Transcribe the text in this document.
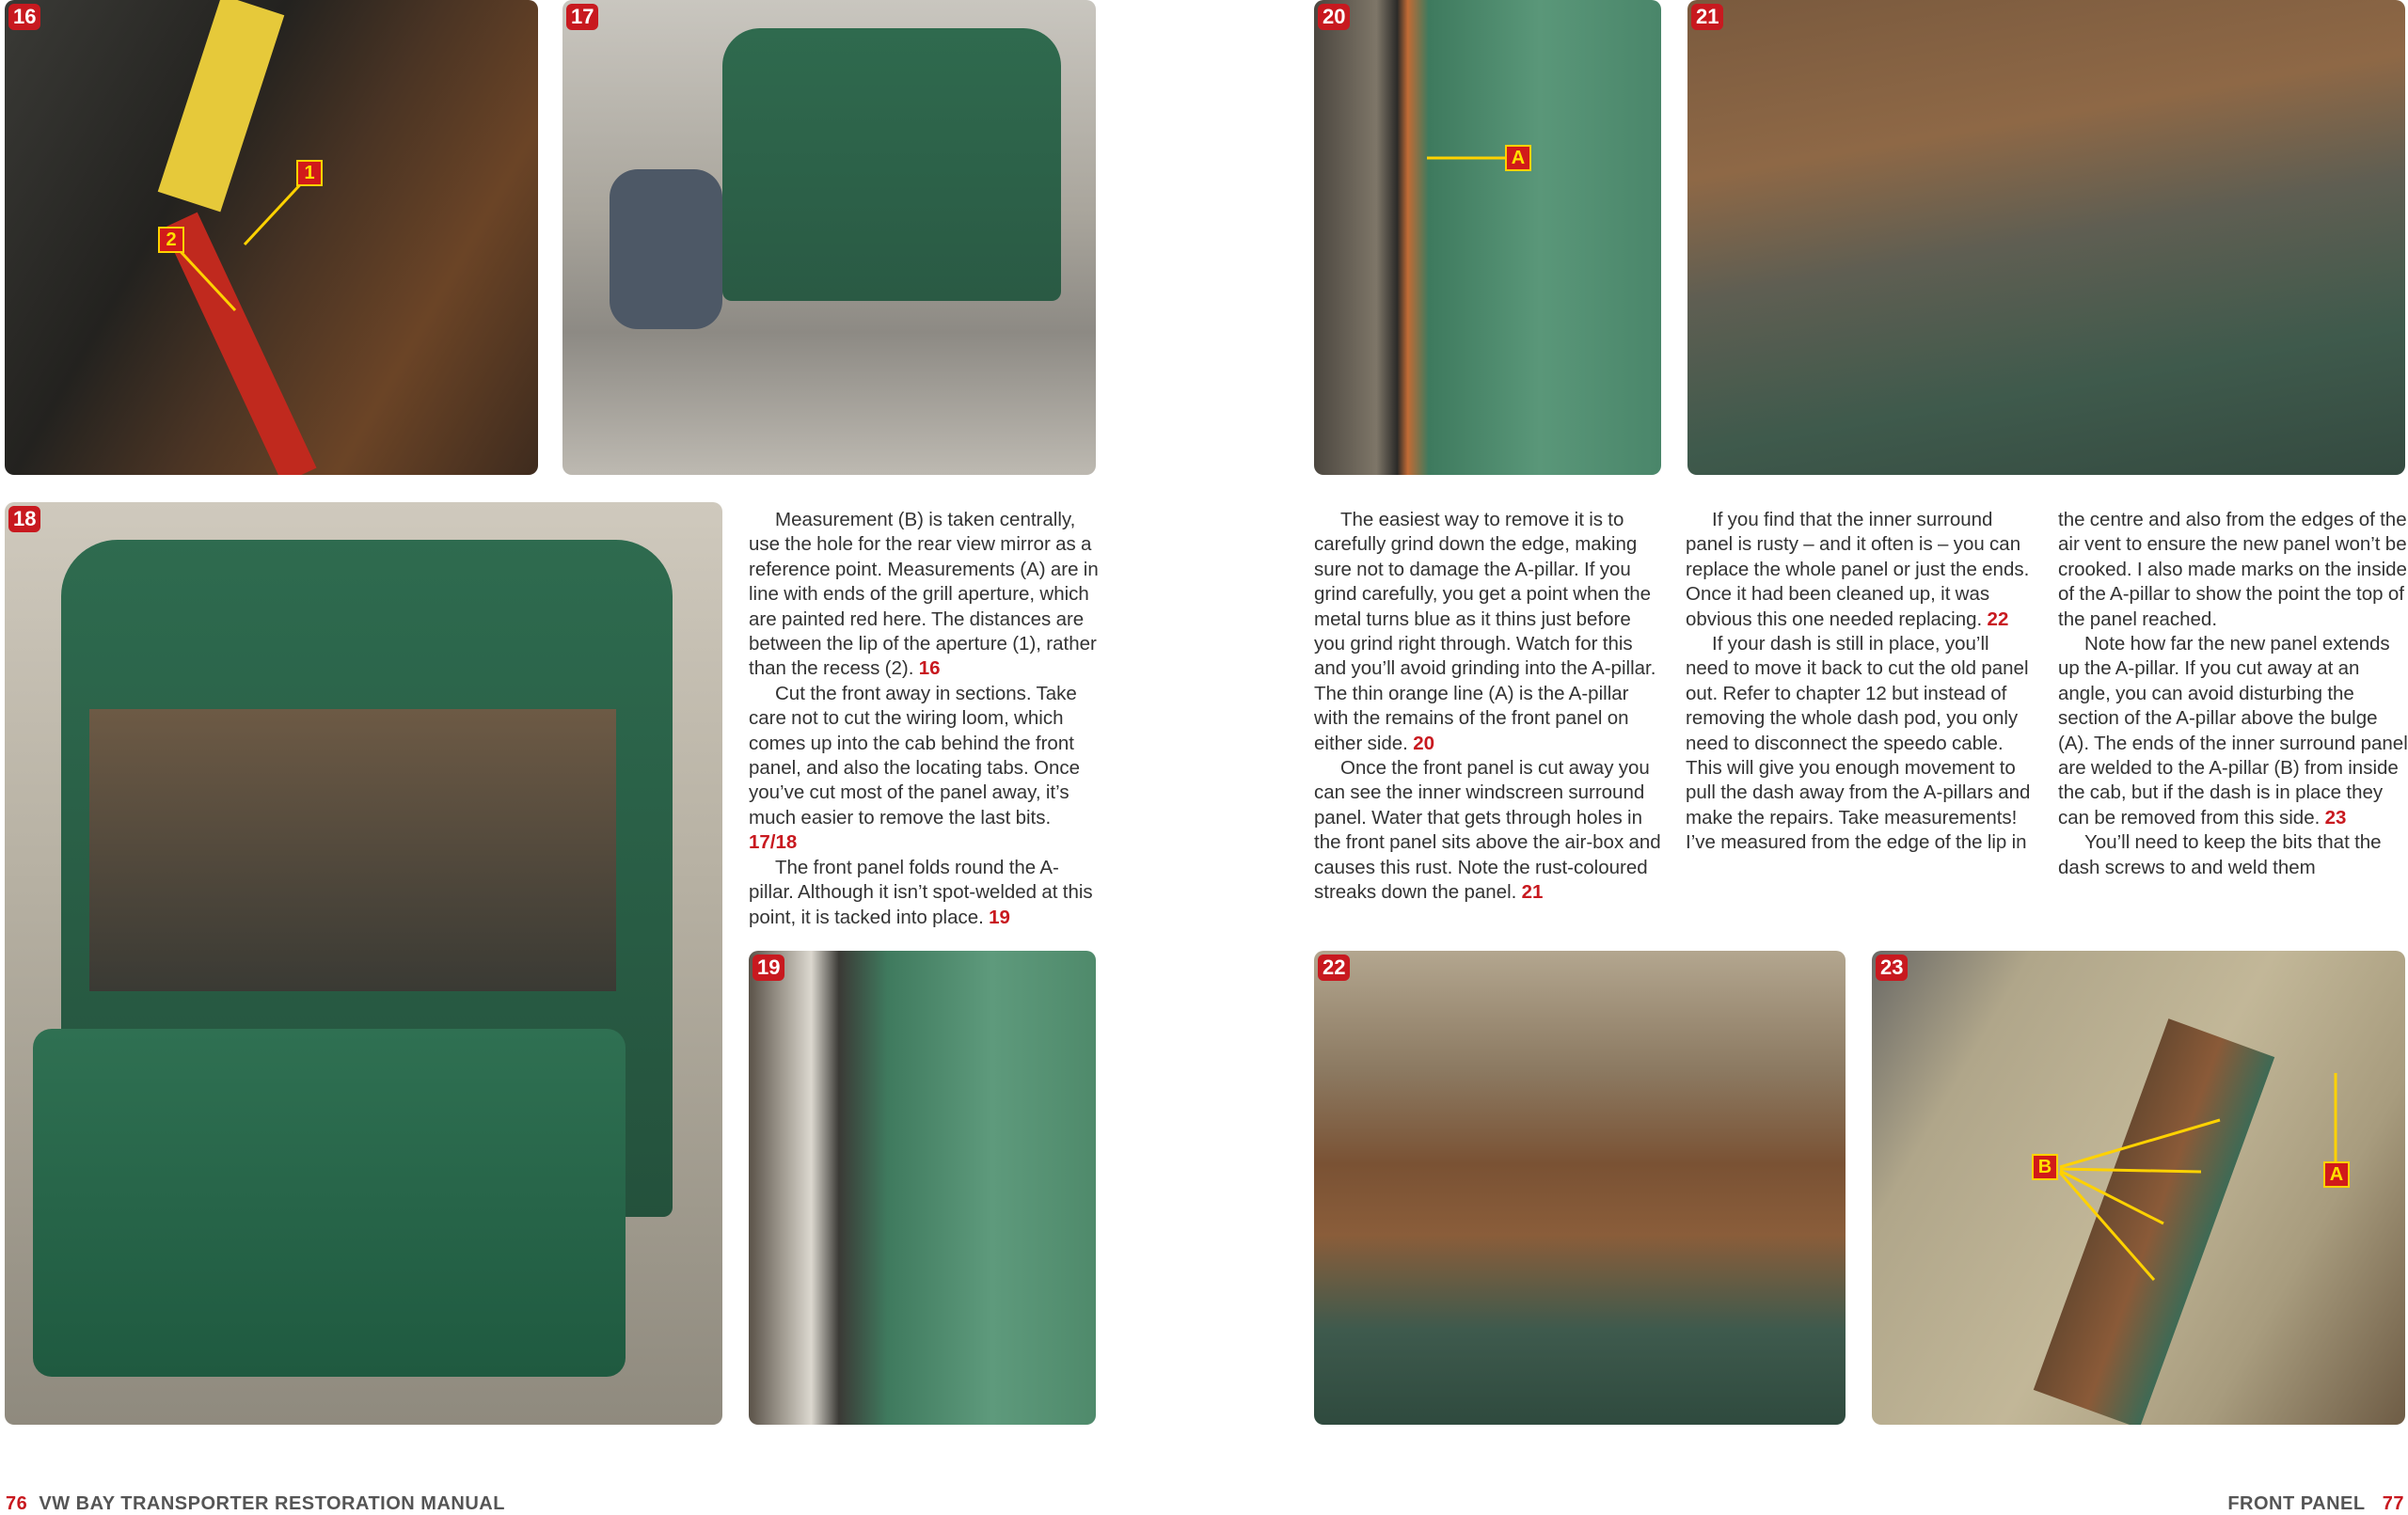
1
2
16	17
18
19
A
20	21
22
B	A
23

Measurement (B) is taken centrally, use the hole for the rear view mirror as a reference point. Measurements (A) are in line with ends of the grill aperture, which are painted red here. The distances are between the lip of the aperture (1), rather than the recess (2). 16

Cut the front away in sections. Take care not to cut the wiring loom, which comes up into the cab behind the front panel, and also the locating tabs. Once you’ve cut most of the panel away, it’s much easier to remove the last bits. 17/18

The front panel folds round the A-pillar. Although it isn’t spot-welded at this point, it is tacked into place. 19

The easiest way to remove it is to carefully grind down the edge, making sure not to damage the A-pillar. If you grind carefully, you get a point when the metal turns blue as it thins just before you grind right through. Watch for this and you’ll avoid grinding into the A-pillar. The thin orange line (A) is the A-pillar with the remains of the front panel on either side. 20

Once the front panel is cut away you can see the inner windscreen surround panel. Water that gets through holes in the front panel sits above the air-box and causes this rust. Note the rust-coloured streaks down the panel. 21

If you find that the inner surround panel is rusty – and it often is – you can replace the whole panel or just the ends. Once it had been cleaned up, it was obvious this one needed replacing. 22

If your dash is still in place, you’ll need to move it back to cut the old panel out. Refer to chapter 12 but instead of removing the whole dash pod, you only need to disconnect the speedo cable. This will give you enough movement to pull the dash away from the A-pillars and make the repairs. Take measurements! I’ve measured from the edge of the lip in

the centre and also from the edges of the air vent to ensure the new panel won’t be crooked. I also made marks on the inside of the A-pillar to show the point the top of the panel reached.

Note how far the new panel extends up the A-pillar. If you cut away at an angle, you can avoid disturbing the section of the A-pillar above the bulge (A). The ends of the inner surround panel are welded to the A-pillar (B) from inside the cab, but if the dash is in place they can be removed from this side. 23

You’ll need to keep the bits that the dash screws to and weld them

76 VW BAY TRANSPORTER RESTORATION MANUAL	FRONT PANEL 77
